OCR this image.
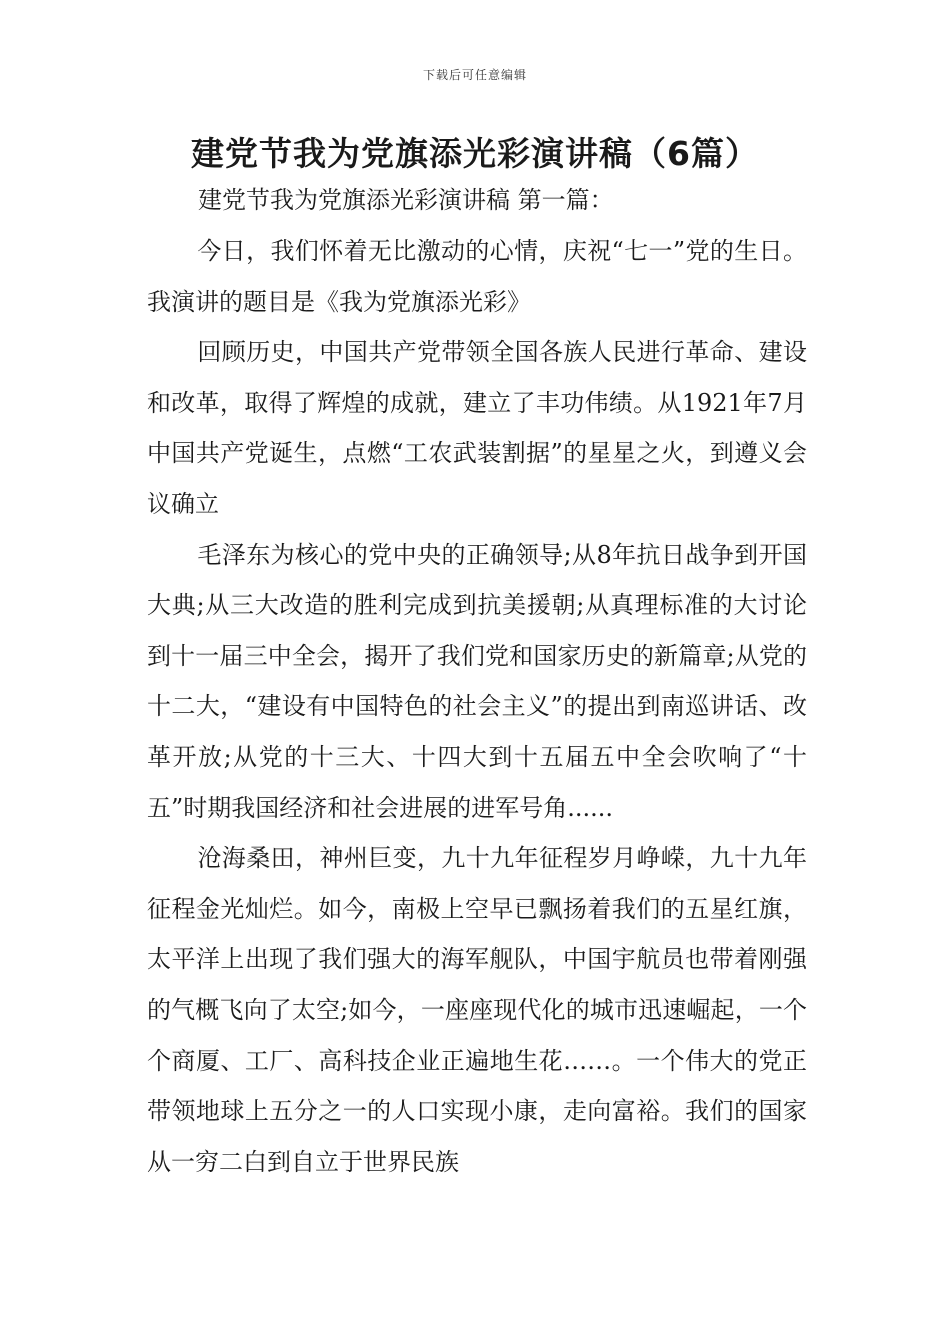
下载后可任意编辑
建党节我为党旗添光彩演讲稿（6篇）
建党节我为党旗添光彩演讲稿 第一篇：

今日，我们怀着无比激动的心情，庆祝“七一”党的生日。我演讲的题目是《我为党旗添光彩》

回顾历史，中国共产党带领全国各族人民进行革命、建设和改革，取得了辉煌的成就，建立了丰功伟绩。从1921年7月中国共产党诞生，点燃“工农武装割据”的星星之火，到遵义会议确立

毛泽东为核心的党中央的正确领导;从8年抗日战争到开国大典;从三大改造的胜利完成到抗美援朝;从真理标准的大讨论到十一届三中全会，揭开了我们党和国家历史的新篇章;从党的十二大，“建设有中国特色的社会主义”的提出到南巡讲话、改革开放;从党的十三大、十四大到十五届五中全会吹响了“十五”时期我国经济和社会进展的进军号角......

沧海桑田，神州巨变，九十九年征程岁月峥嵘，九十九年征程金光灿烂。如今，南极上空早已飘扬着我们的五星红旗，太平洋上出现了我们强大的海军舰队，中国宇航员也带着刚强的气概飞向了太空;如今，一座座现代化的城市迅速崛起，一个个商厦、工厂、高科技企业正遍地生花……。一个伟大的党正带领地球上五分之一的人口实现小康，走向富裕。我们的国家从一穷二白到自立于世界民族
